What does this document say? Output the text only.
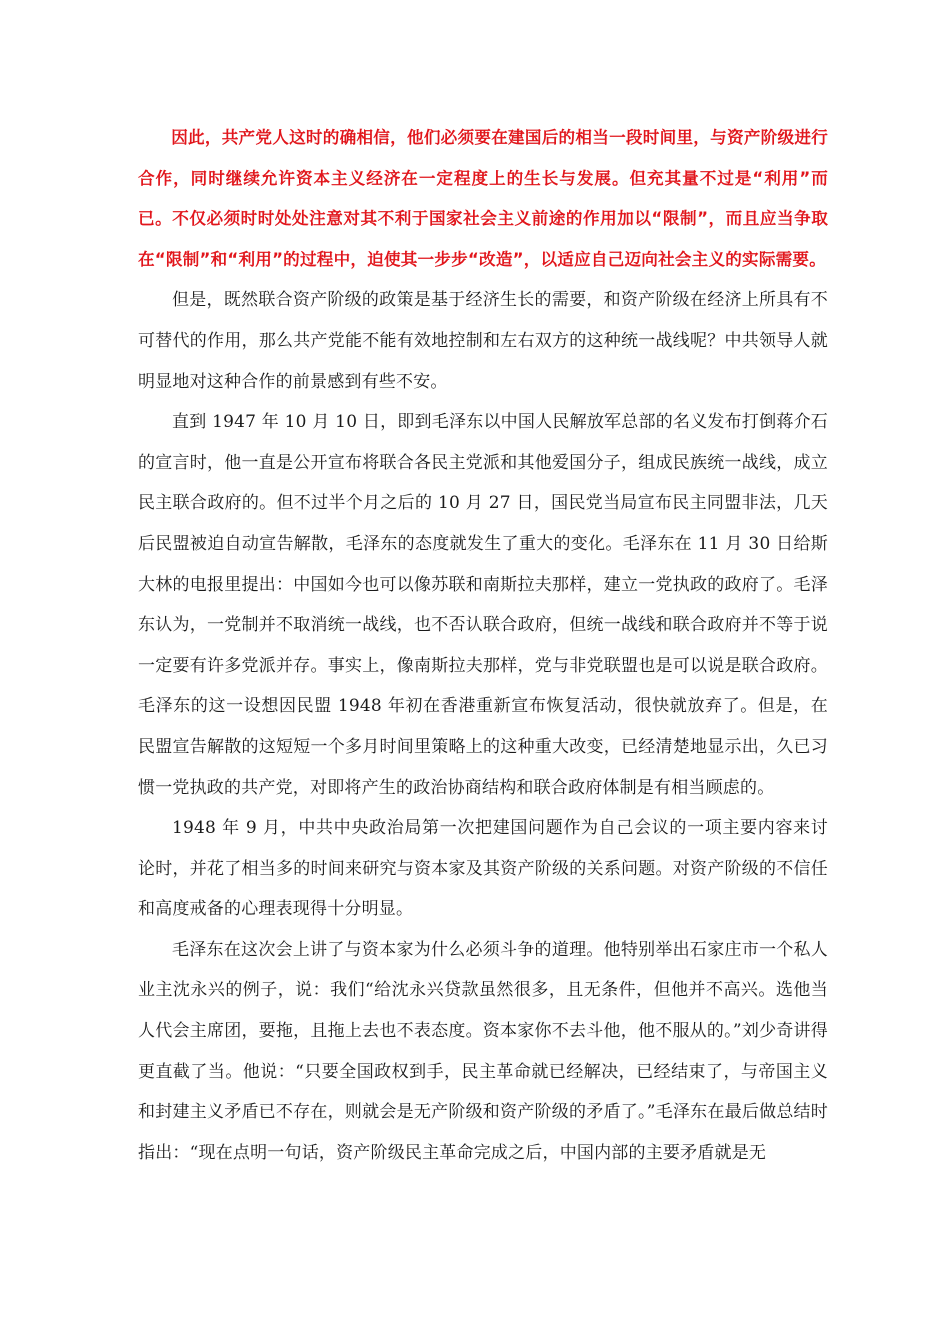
因此，共产党人这时的确相信，他们必须要在建国后的相当一段时间里，与资产阶级进行合作，同时继续允许资本主义经济在一定程度上的生长与发展。但充其量不过是“利用”而已。不仅必须时时处处注意对其不利于国家社会主义前途的作用加以“限制”，而且应当争取在“限制”和“利用”的过程中，迫使其一步步“改造”，以适应自己迈向社会主义的实际需要。

但是，既然联合资产阶级的政策是基于经济生长的需要，和资产阶级在经济上所具有不可替代的作用，那么共产党能不能有效地控制和左右双方的这种统一战线呢？中共领导人就明显地对这种合作的前景感到有些不安。

直到 1947 年 10 月 10 日，即到毛泽东以中国人民解放军总部的名义发布打倒蒋介石的宣言时，他一直是公开宣布将联合各民主党派和其他爱国分子，组成民族统一战线，成立民主联合政府的。但不过半个月之后的 10 月 27 日，国民党当局宣布民主同盟非法，几天后民盟被迫自动宣告解散，毛泽东的态度就发生了重大的变化。毛泽东在 11 月 30 日给斯大林的电报里提出：中国如今也可以像苏联和南斯拉夫那样，建立一党执政的政府了。毛泽东认为，一党制并不取消统一战线，也不否认联合政府，但统一战线和联合政府并不等于说一定要有许多党派并存。事实上，像南斯拉夫那样，党与非党联盟也是可以说是联合政府。毛泽东的这一设想因民盟 1948 年初在香港重新宣布恢复活动，很快就放弃了。但是，在民盟宣告解散的这短短一个多月时间里策略上的这种重大改变，已经清楚地显示出，久已习惯一党执政的共产党，对即将产生的政治协商结构和联合政府体制是有相当顾虑的。

1948 年 9 月，中共中央政治局第一次把建国问题作为自己会议的一项主要内容来讨论时，并花了相当多的时间来研究与资本家及其资产阶级的关系问题。对资产阶级的不信任和高度戒备的心理表现得十分明显。

毛泽东在这次会上讲了与资本家为什么必须斗争的道理。他特别举出石家庄市一个私人业主沈永兴的例子，说：我们“给沈永兴贷款虽然很多，且无条件，但他并不高兴。选他当人代会主席团，要拖，且拖上去也不表态度。资本家你不去斗他，他不服从的。”刘少奇讲得更直截了当。他说：“只要全国政权到手，民主革命就已经解决，已经结束了，与帝国主义和封建主义矛盾已不存在，则就会是无产阶级和资产阶级的矛盾了。”毛泽东在最后做总结时指出：“现在点明一句话，资产阶级民主革命完成之后，中国内部的主要矛盾就是无
